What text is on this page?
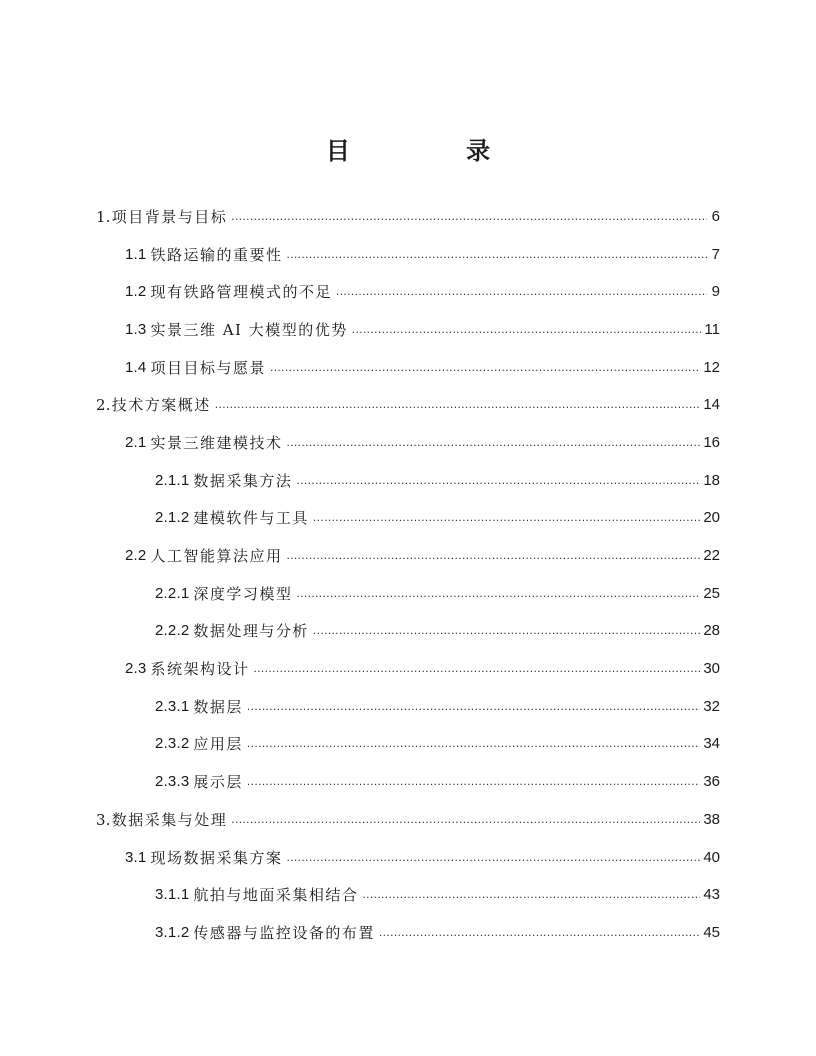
目 录
1. 项目背景与目标 .....	6
1.1 铁路运输的重要性 .....	7
1.2 现有铁路管理模式的不足 .....	9
1.3 实景三维 AI 大模型的优势 .....	11
1.4 项目目标与愿景 .....	12
2. 技术方案概述 .....	14
2.1 实景三维建模技术 .....	16
2.1.1 数据采集方法 .....	18
2.1.2 建模软件与工具 .....	20
2.2 人工智能算法应用 .....	22
2.2.1 深度学习模型 .....	25
2.2.2 数据处理与分析 .....	28
2.3 系统架构设计 .....	30
2.3.1 数据层 .....	32
2.3.2 应用层 .....	34
2.3.3 展示层 .....	36
3. 数据采集与处理 .....	38
3.1 现场数据采集方案 .....	40
3.1.1 航拍与地面采集相结合 .....	43
3.1.2 传感器与监控设备的布置 .....	45
